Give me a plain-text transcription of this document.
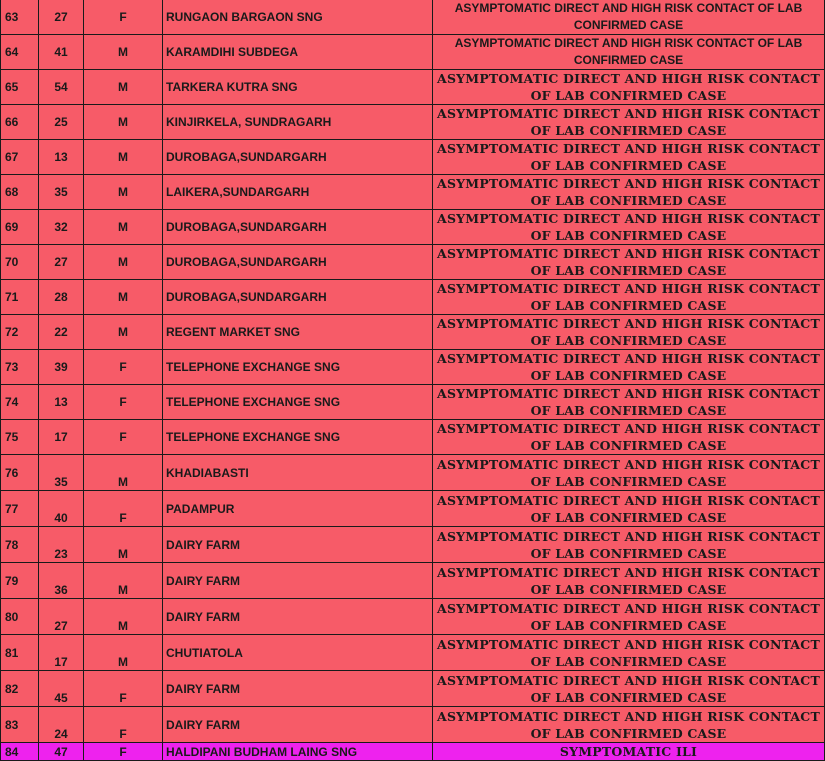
63	27	F	RUNGAON BARGAON SNG	ASYMPTOMATIC DIRECT AND HIGH RISK CONTACT OF LAB CONFIRMED CASE
64	41	M	KARAMDIHI SUBDEGA	ASYMPTOMATIC DIRECT AND HIGH RISK CONTACT OF LAB CONFIRMED CASE
65	54	M	TARKERA KUTRA SNG	ASYMPTOMATIC DIRECT AND HIGH RISK CONTACT OF LAB CONFIRMED CASE
66	25	M	KINJIRKELA, SUNDRAGARH	ASYMPTOMATIC DIRECT AND HIGH RISK CONTACT OF LAB CONFIRMED CASE
67	13	M	DUROBAGA,SUNDARGARH	ASYMPTOMATIC DIRECT AND HIGH RISK CONTACT OF LAB CONFIRMED CASE
68	35	M	LAIKERA,SUNDARGARH	ASYMPTOMATIC DIRECT AND HIGH RISK CONTACT OF LAB CONFIRMED CASE
69	32	M	DUROBAGA,SUNDARGARH	ASYMPTOMATIC DIRECT AND HIGH RISK CONTACT OF LAB CONFIRMED CASE
70	27	M	DUROBAGA,SUNDARGARH	ASYMPTOMATIC DIRECT AND HIGH RISK CONTACT OF LAB CONFIRMED CASE
71	28	M	DUROBAGA,SUNDARGARH	ASYMPTOMATIC DIRECT AND HIGH RISK CONTACT OF LAB CONFIRMED CASE
72	22	M	REGENT MARKET SNG	ASYMPTOMATIC DIRECT AND HIGH RISK CONTACT OF LAB CONFIRMED CASE
73	39	F	TELEPHONE EXCHANGE SNG	ASYMPTOMATIC DIRECT AND HIGH RISK CONTACT OF LAB CONFIRMED CASE
74	13	F	TELEPHONE EXCHANGE SNG	ASYMPTOMATIC DIRECT AND HIGH RISK CONTACT OF LAB CONFIRMED CASE
75	17	F	TELEPHONE EXCHANGE SNG	ASYMPTOMATIC DIRECT AND HIGH RISK CONTACT OF LAB CONFIRMED CASE
76	35	M	KHADIABASTI	ASYMPTOMATIC DIRECT AND HIGH RISK CONTACT OF LAB CONFIRMED CASE
77	40	F	PADAMPUR	ASYMPTOMATIC DIRECT AND HIGH RISK CONTACT OF LAB CONFIRMED CASE
78	23	M	DAIRY FARM	ASYMPTOMATIC DIRECT AND HIGH RISK CONTACT OF LAB CONFIRMED CASE
79	36	M	DAIRY FARM	ASYMPTOMATIC DIRECT AND HIGH RISK CONTACT OF LAB CONFIRMED CASE
80	27	M	DAIRY FARM	ASYMPTOMATIC DIRECT AND HIGH RISK CONTACT OF LAB CONFIRMED CASE
81	17	M	CHUTIATOLA	ASYMPTOMATIC DIRECT AND HIGH RISK CONTACT OF LAB CONFIRMED CASE
82	45	F	DAIRY FARM	ASYMPTOMATIC DIRECT AND HIGH RISK CONTACT OF LAB CONFIRMED CASE
83	24	F	DAIRY FARM	ASYMPTOMATIC DIRECT AND HIGH RISK CONTACT OF LAB CONFIRMED CASE
84	47	F	HALDIPANI BUDHAM LAING SNG	SYMPTOMATIC ILI
